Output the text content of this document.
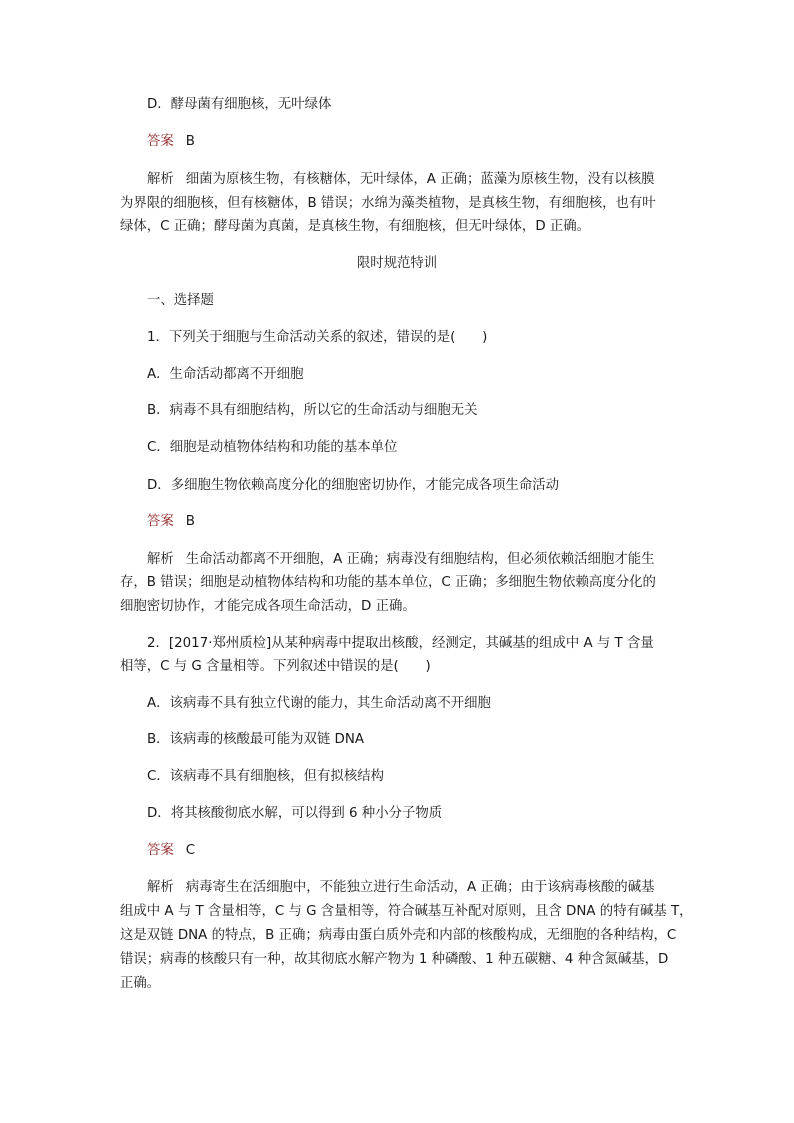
D．酵母菌有细胞核，无叶绿体
答案 B
解析 细菌为原核生物，有核糖体，无叶绿体，A 正确；蓝藻为原核生物，没有以核膜
为界限的细胞核，但有核糖体，B 错误；水绵为藻类植物，是真核生物，有细胞核，也有叶
绿体，C 正确；酵母菌为真菌，是真核生物，有细胞核，但无叶绿体，D 正确。
限时规范特训
一、选择题
1．下列关于细胞与生命活动关系的叙述，错误的是(　　)
A．生命活动都离不开细胞
B．病毒不具有细胞结构，所以它的生命活动与细胞无关
C．细胞是动植物体结构和功能的基本单位
D．多细胞生物依赖高度分化的细胞密切协作，才能完成各项生命活动
答案 B
解析 生命活动都离不开细胞，A 正确；病毒没有细胞结构，但必须依赖活细胞才能生
存，B 错误；细胞是动植物体结构和功能的基本单位，C 正确；多细胞生物依赖高度分化的
细胞密切协作，才能完成各项生命活动，D 正确。
2．[2017·郑州质检]从某种病毒中提取出核酸，经测定，其碱基的组成中 A 与 T 含量
相等，C 与 G 含量相等。下列叙述中错误的是(　　)
A．该病毒不具有独立代谢的能力，其生命活动离不开细胞
B．该病毒的核酸最可能为双链 DNA
C．该病毒不具有细胞核，但有拟核结构
D．将其核酸彻底水解，可以得到 6 种小分子物质
答案 C
解析 病毒寄生在活细胞中，不能独立进行生命活动，A 正确；由于该病毒核酸的碱基
组成中 A 与 T 含量相等，C 与 G 含量相等，符合碱基互补配对原则，且含 DNA 的特有碱基 T，
这是双链 DNA 的特点，B 正确；病毒由蛋白质外壳和内部的核酸构成，无细胞的各种结构，C
错误；病毒的核酸只有一种，故其彻底水解产物为 1 种磷酸、1 种五碳糖、4 种含氮碱基，D
正确。
